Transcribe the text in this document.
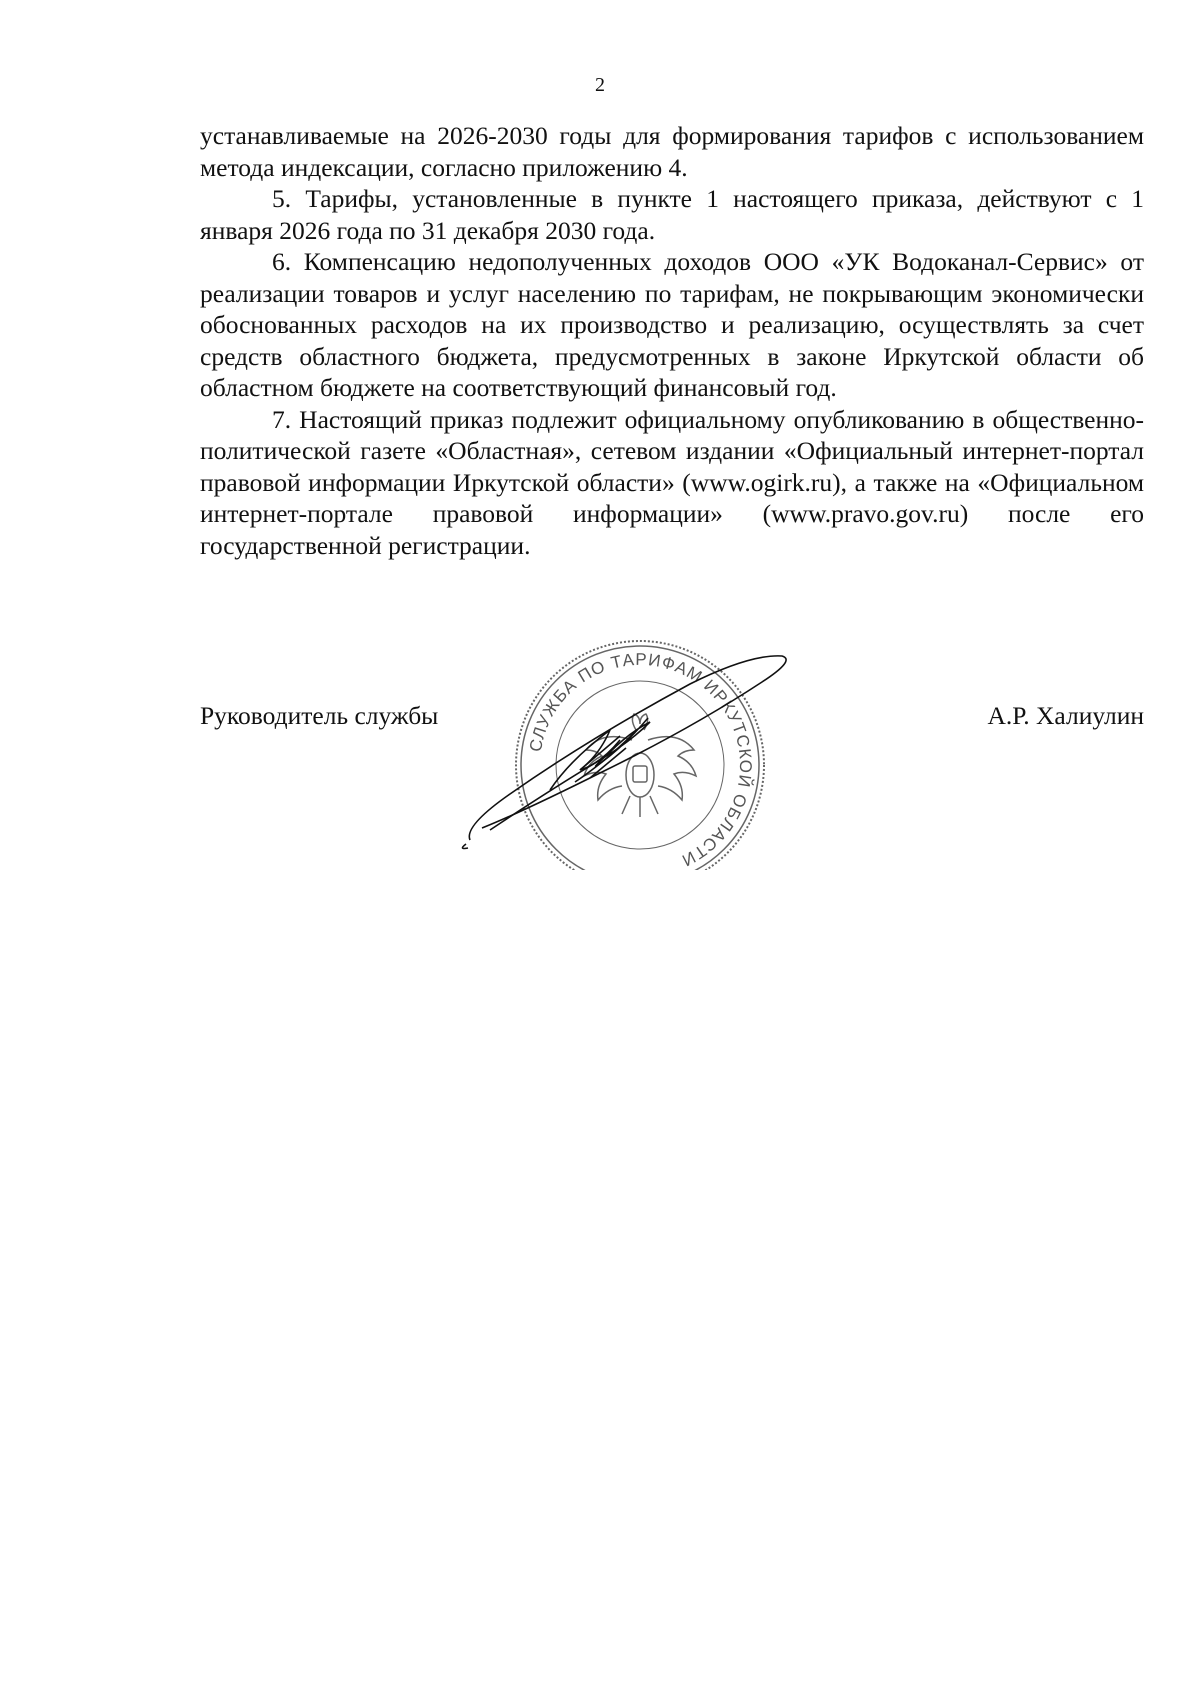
2

устанавливаемые на 2026-2030 годы для формирования тарифов с использованием метода индексации, согласно приложению 4.

5. Тарифы, установленные в пункте 1 настоящего приказа, действуют с 1 января 2026 года по 31 декабря 2030 года.

6. Компенсацию недополученных доходов ООО «УК Водоканал-Сервис» от реализации товаров и услуг населению по тарифам, не покрывающим экономически обоснованных расходов на их производство и реализацию, осуществлять за счет средств областного бюджета, предусмотренных в законе Иркутской области об областном бюджете на соответствующий финансовый год.

7. Настоящий приказ подлежит официальному опубликованию в общественно-политической газете «Областная», сетевом издании «Официальный интернет-портал правовой информации Иркутской области» (www.ogirk.ru), а также на «Официальном интернет-портале правовой информации» (www.pravo.gov.ru) после его государственной регистрации.

Руководитель службы	А.Р. Халиулин
СЛУЖБА ПО ТАРИФАМ ИРКУТСКОЙ ОБЛАСТИ
